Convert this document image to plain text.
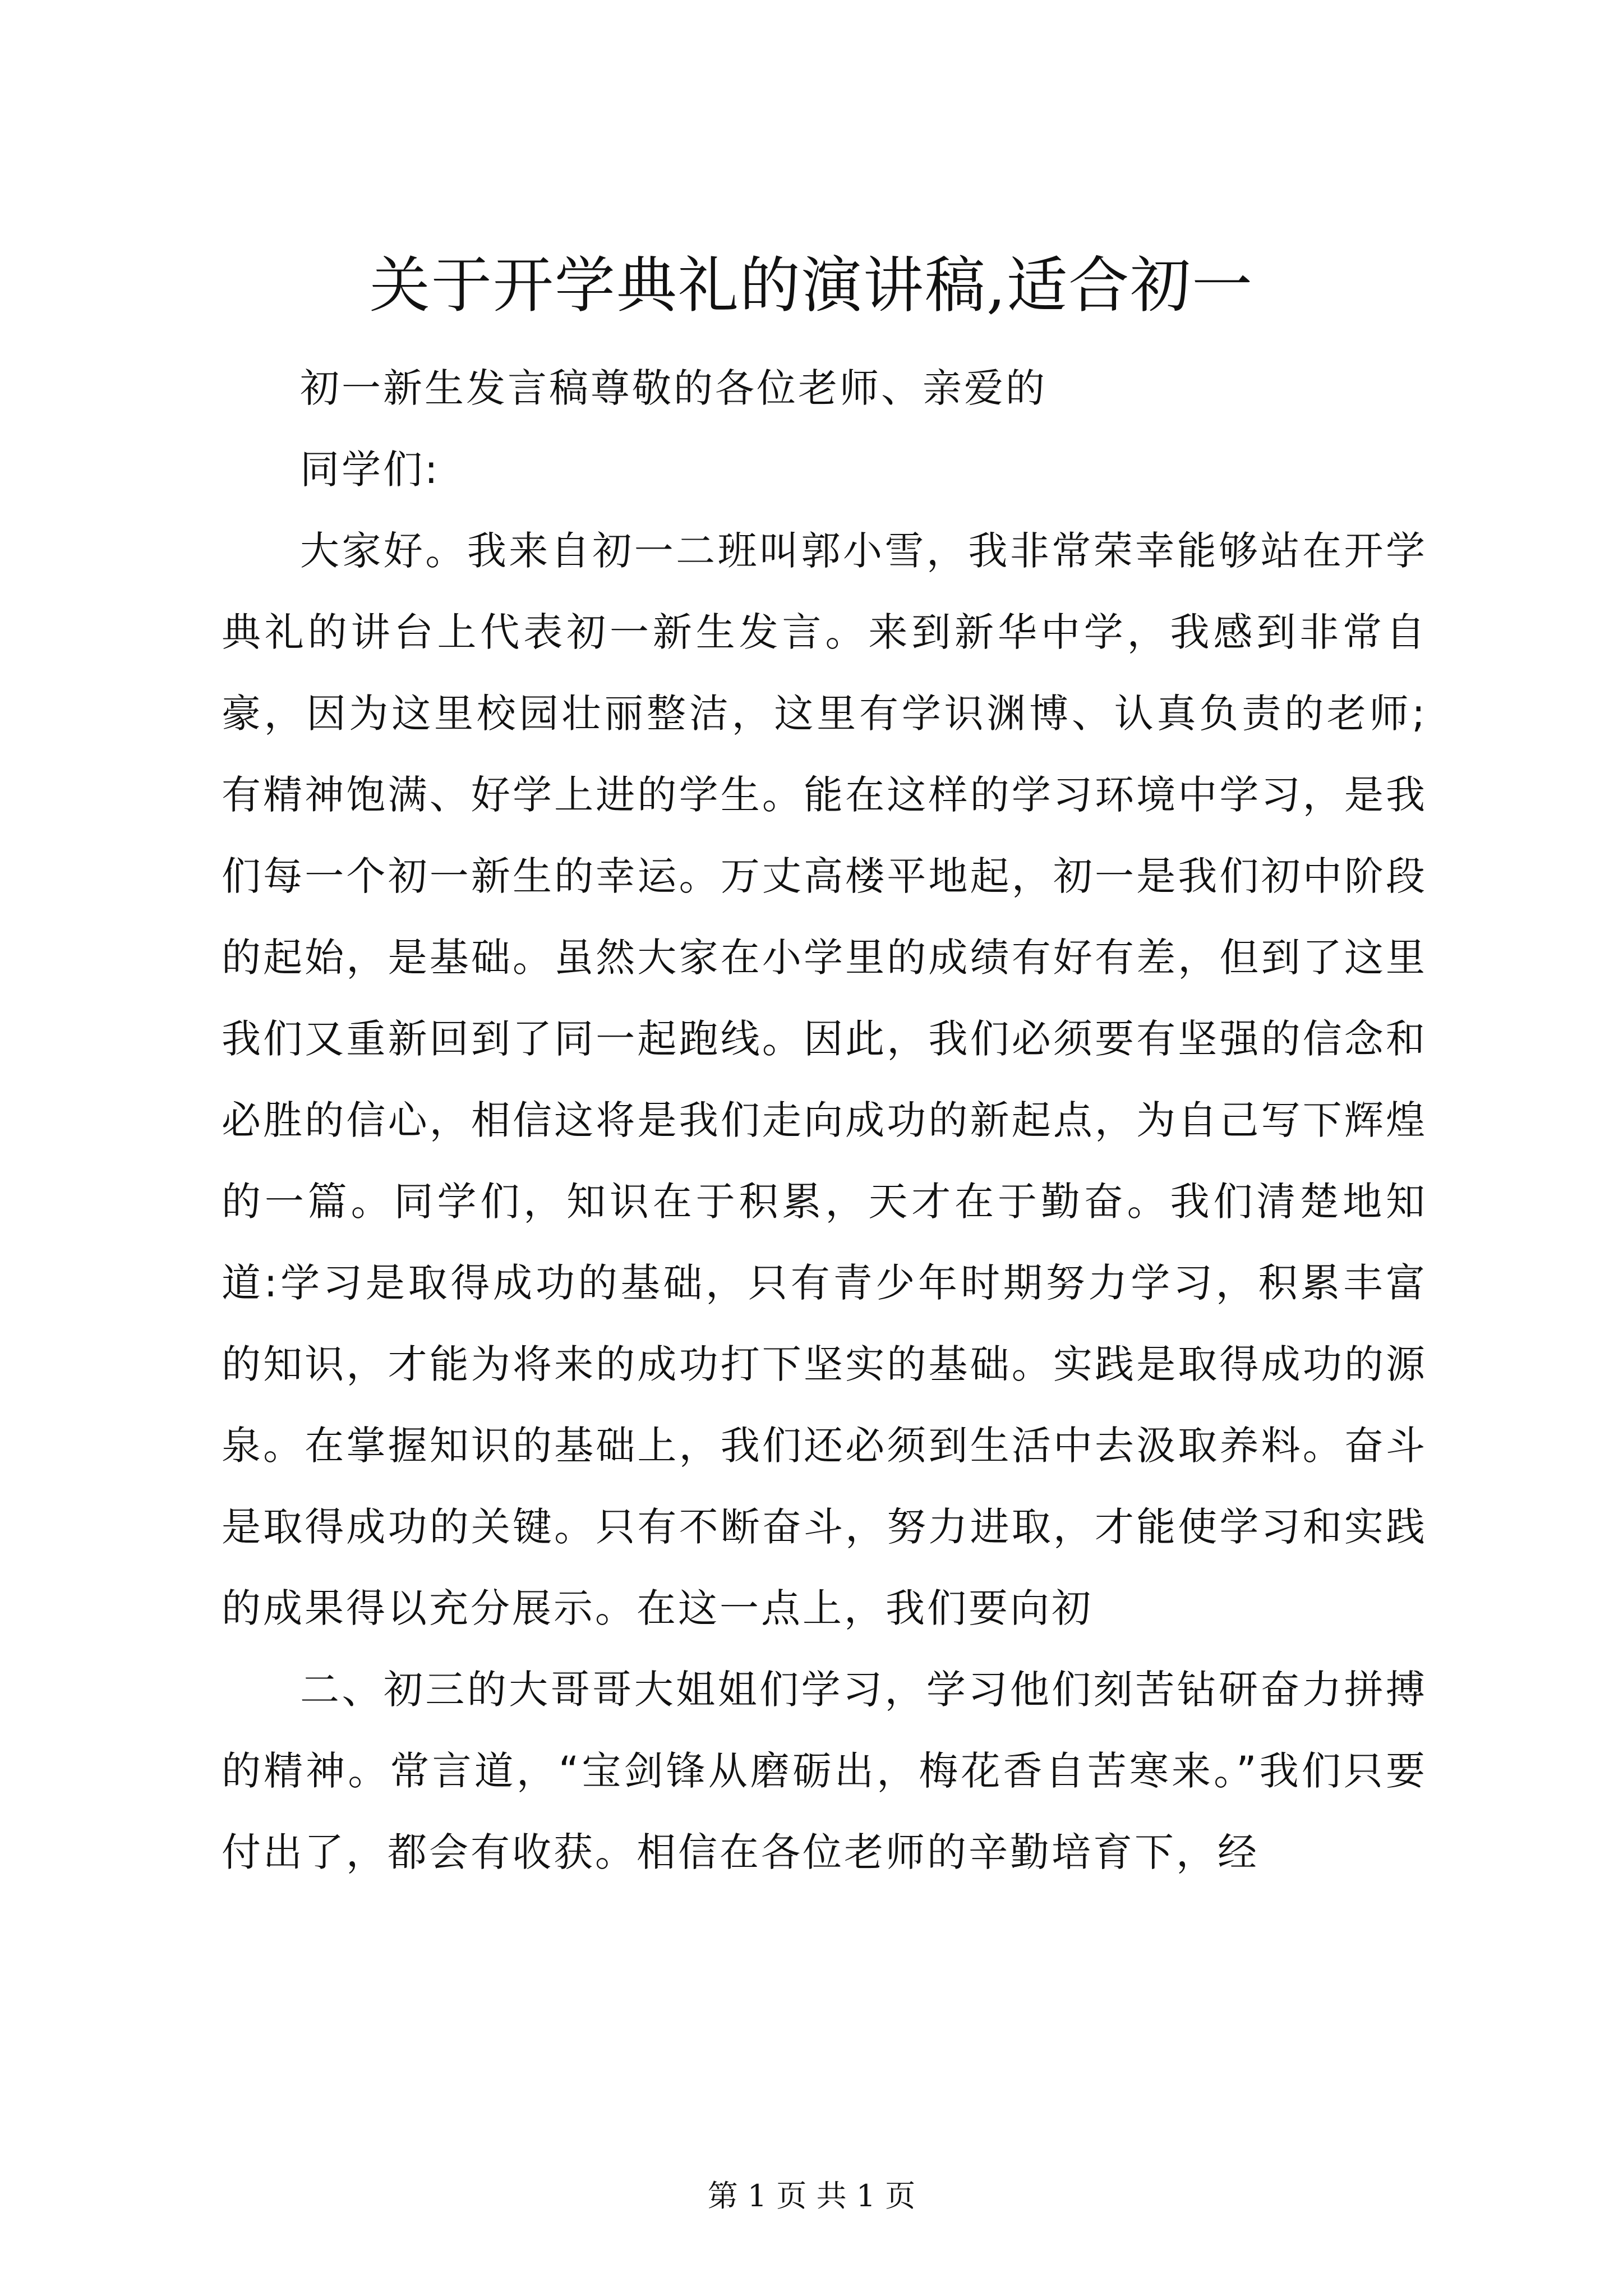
关于开学典礼的演讲稿,适合初一

初一新生发言稿尊敬的各位老师、亲爱的

同学们:

大家好。我来自初一二班叫郭小雪，我非常荣幸能够站在开学典礼的讲台上代表初一新生发言。来到新华中学，我感到非常自豪，因为这里校园壮丽整洁，这里有学识渊博、认真负责的老师;有精神饱满、好学上进的学生。能在这样的学习环境中学习，是我们每一个初一新生的幸运。万丈高楼平地起，初一是我们初中阶段的起始，是基础。虽然大家在小学里的成绩有好有差，但到了这里我们又重新回到了同一起跑线。因此，我们必须要有坚强的信念和必胜的信心，相信这将是我们走向成功的新起点，为自己写下辉煌的一篇。同学们，知识在于积累，天才在于勤奋。我们清楚地知道:学习是取得成功的基础，只有青少年时期努力学习，积累丰富的知识，才能为将来的成功打下坚实的基础。实践是取得成功的源泉。在掌握知识的基础上，我们还必须到生活中去汲取养料。奋斗是取得成功的关键。只有不断奋斗，努力进取，才能使学习和实践的成果得以充分展示。在这一点上，我们要向初

二、初三的大哥哥大姐姐们学习，学习他们刻苦钻研奋力拼搏的精神。常言道，“宝剑锋从磨砺出，梅花香自苦寒来。”我们只要付出了，都会有收获。相信在各位老师的辛勤培育下，经

第 1 页 共 1 页
